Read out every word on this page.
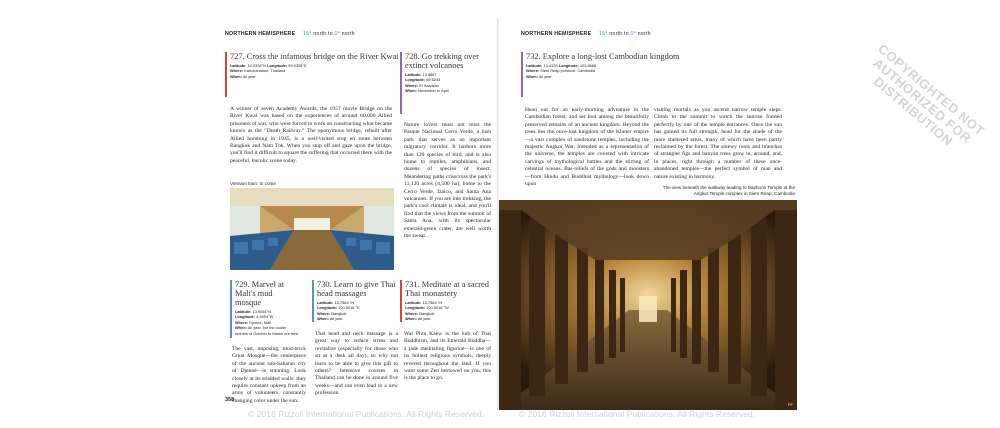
NORTHERN HEMISPHERE 15° north to 0° north
727. Cross the infamous bridge on the River Kwai
Latitude: 14.0328°N Longitude: 99.5328°E
Where: Kanchanaburi, Thailand
When: All year
A winner of seven Academy Awards, the 1957 movie Bridge on the River Kwai was based on the experiences of around 60,000 Allied prisoners of war, who were forced to work on constructing what became known as the "Death Railway." The eponymous bridge, rebuilt after Allied bombing in 1945, is a well-visited stop en route between Bangkok and Nam Tok. When you stop off and gaze upon the bridge, you'll find it difficult to square the suffering that occurred there with the peaceful, bucolic scene today.
728. Go trekking over extinct volcanoes
Latitude: 13.8667
Longitude: 89.6243
Where: El Salvador
When: November to April
Nature lovers must not miss the Parque Nacional Cerro Verde, a lush park that serves as an important migratory corridor. It harbors more than 120 species of bird, and is also home to reptiles, amphibians, and dozens of species of insect. Meandering paths crisscross the park's 11,120 acres (4,500 ha), home to the Cerro Verde, Izalco, and Santa Ana volcanoes. If you are into trekking, the park's cool climate is ideal, and you'll find that the views from the summit of Santa Ana, with its spectacular emerald-green crater, are well worth the sweat.
Vietnam train: to come
729. Marvel at Mali's mud mosque
Latitude: 13.9054°N
Longitude: 4.5554°W
Where: Djenné, Mali
When: All year, but the cooler months of October to March are best
The vast, imposing, mud-brick Great Mosque—the centerpiece of the ancient sub-Saharan city of Djenné—is stunning. Look closely at its studded walls: they require constant upkeep from an army of volunteers, constantly changing color under the sun.
730. Learn to give Thai head massages
Latitude: 13.7563 °N
Longitude: 100.5018 °E
Where: Bangkok
When: All year
Thai head and neck massage is a great way to reduce stress and revitalize (especially for those who sit at a desk all day), so why not learn to be able to give this gift to others? Intensive courses in Thailand can be done in around five weeks—and can even lead to a new profession.
731. Meditate at a sacred Thai monastery
Latitude: 13.7563 °N
Longitude: 100.5018 °W
Where: Bangkok
When: All year
Wat Phra Kaew is the hub of Thai Buddhism, and its Emerald Buddha—a jade meditating figurine—is one of its holiest religious symbols, deeply revered throughout the land. If you want some Zen bestowed on you, this is the place to go.
358
NORTHERN HEMISPHERE 15° north to 0° north
732. Explore a long-lost Cambodian kingdom
Latitude: 13.4125 Longitude: 103.8666
Where: Siem Reap province, Cambodia
When: All year
Head out for an early-morning adventure in the Cambodian forest, and set foot among the beautifully preserved remains of an ancient kingdom. Beyond the trees lies the once-lost kingdom of the Khmer empire—a vast complex of sandstone temples, including the majestic Angkor Wat. Intended as a representation of the universe, the temples are covered with intricate carvings of mythological battles and the stirring of celestial oceans. Bas-reliefs of the gods and monsters—from Hindu and Buddhist mythology—look down upon
visiting mortals as you ascend narrow temple steps. Climb to the summit to watch the sunrise framed perfectly by one of the temple entrances. Once the sun has gained its full strength, head for the shade of the more sheltered areas, many of which have been partly reclaimed by the forest. The sinewy roots and branches of strangler figs and banyan trees grow in, around, and, in places, right through a number of these once-abandoned temples—the perfect symbol of man and nature existing in harmony.
The view beneath the walkway leading to Baphuon Temple at the Angkor Temple complex in Siem Reap, Cambodia
PF
© 2016 Rizzoli International Publications. All Rights Reserved.	© 2016 Rizzoli International Publications. All Rights Reserved.
COPYRIGHTED NOT AUTHORIZED FOR DISTRIBUTION
